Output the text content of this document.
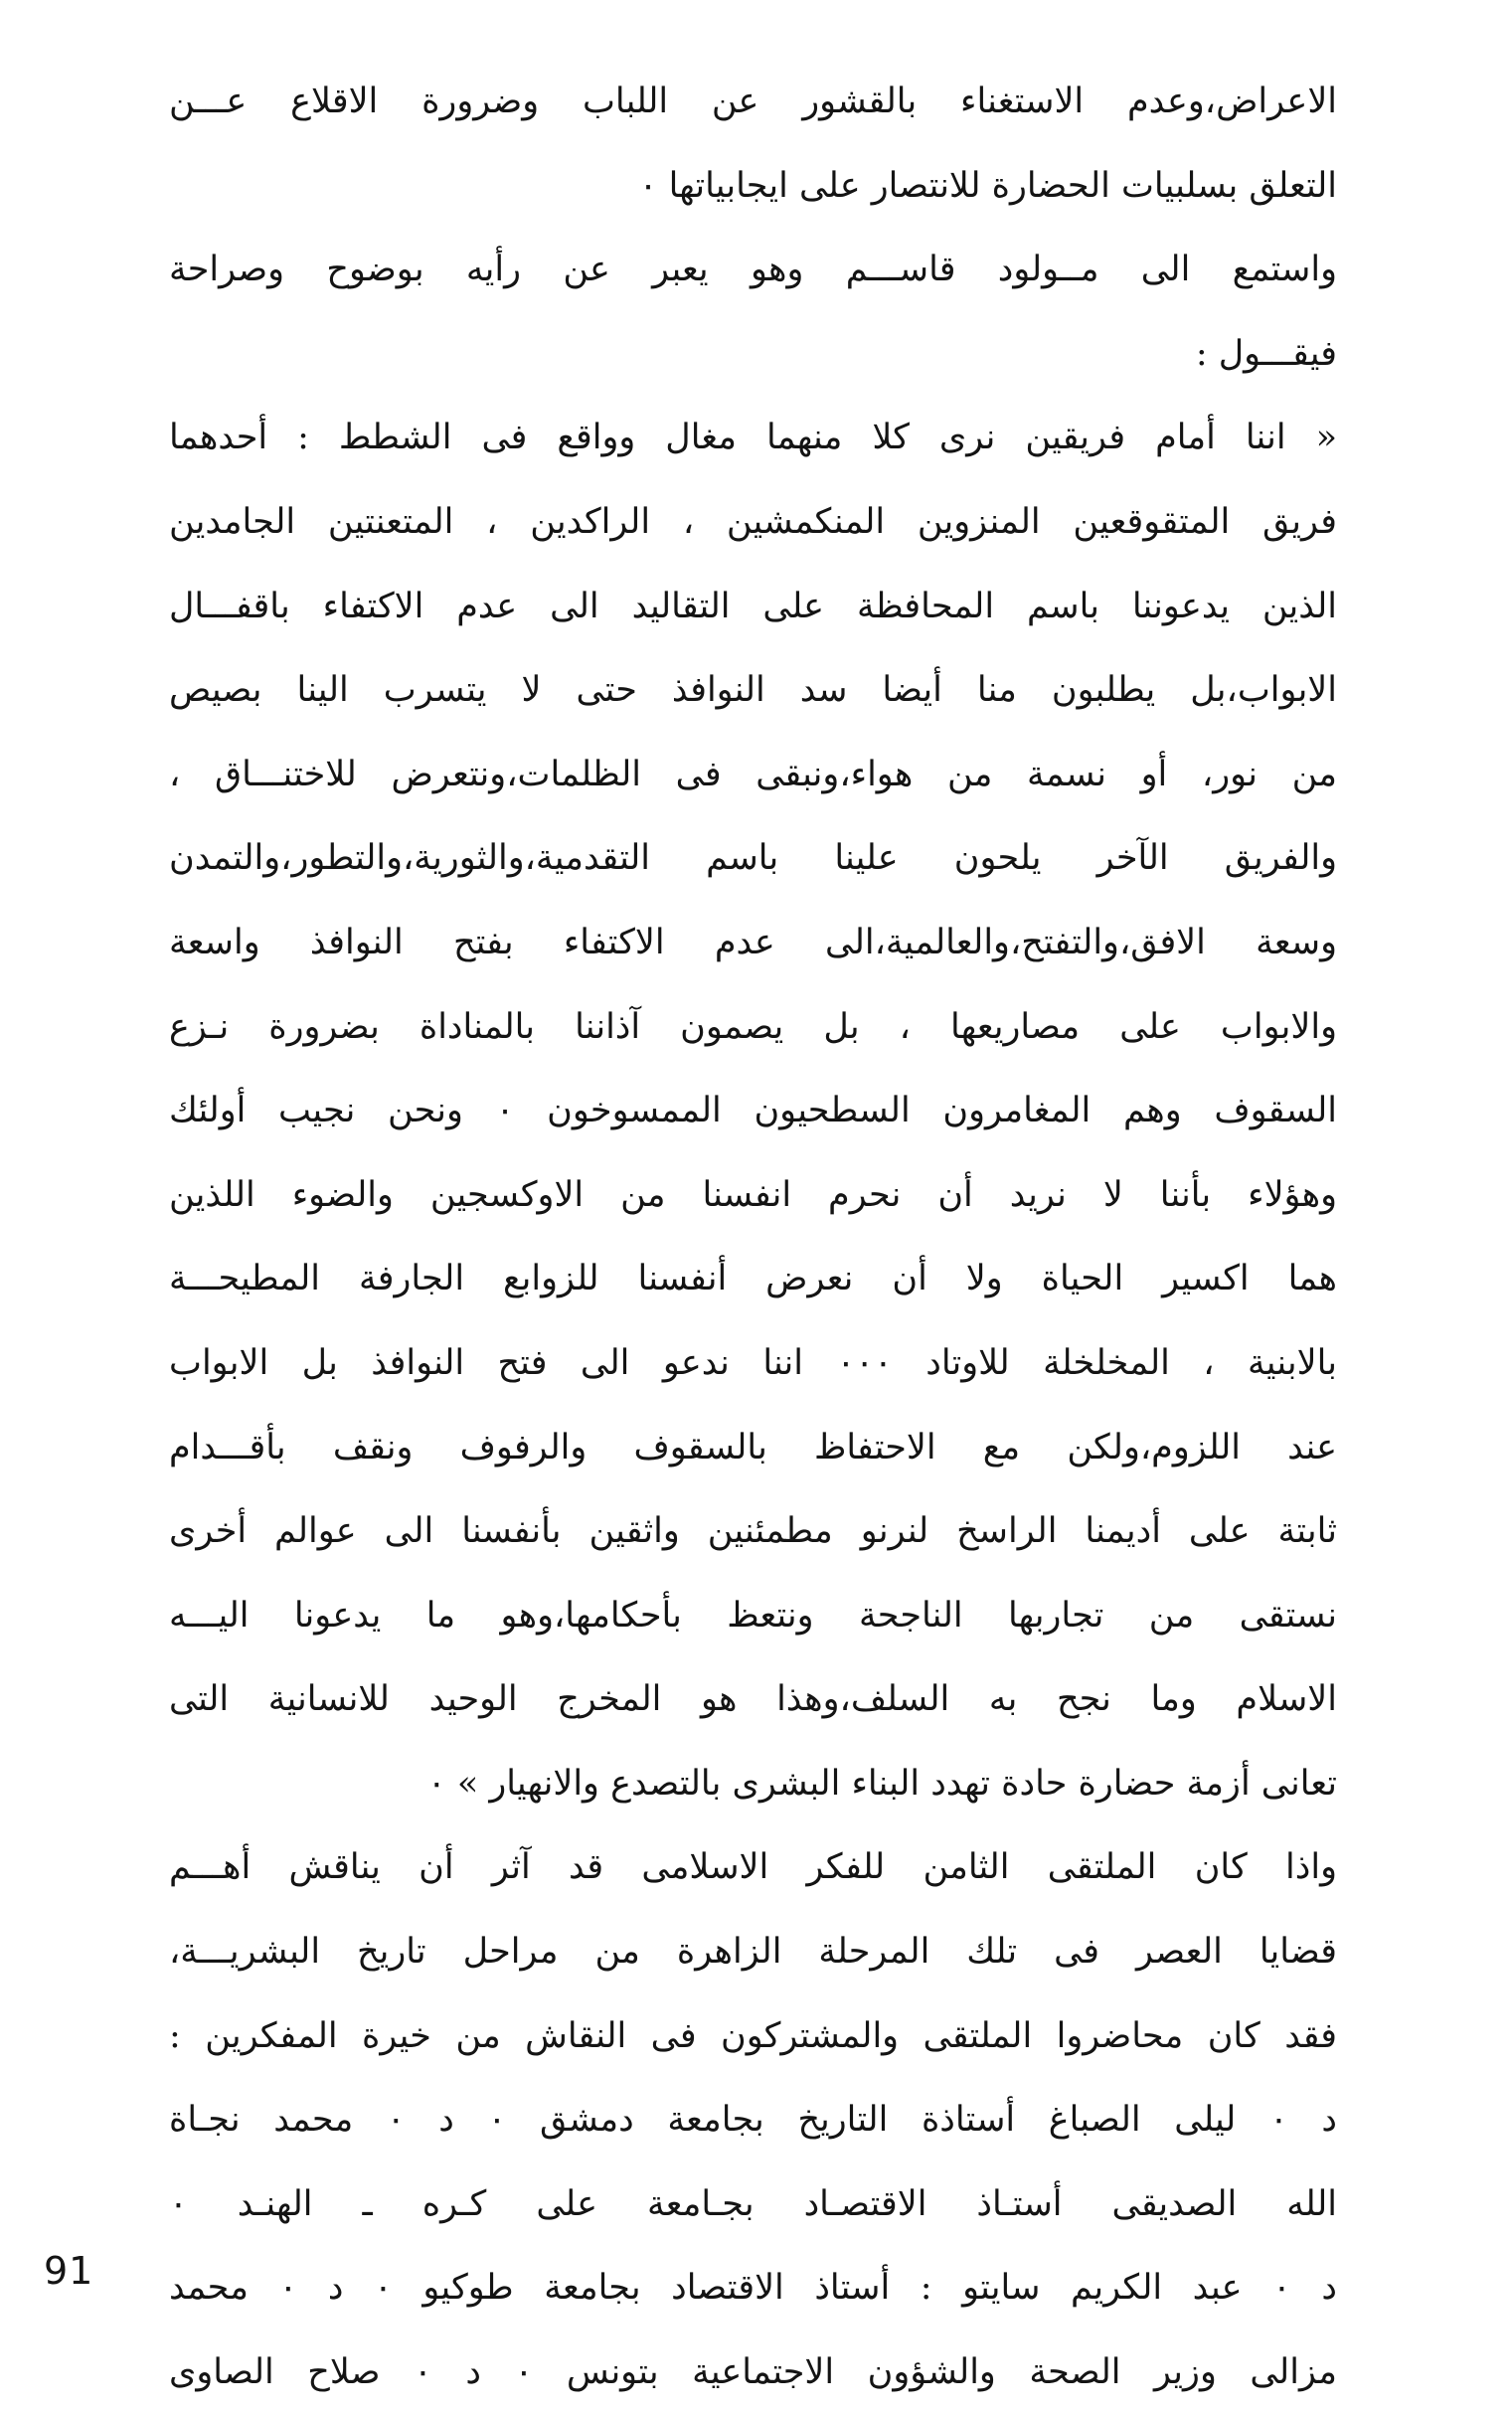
الاعراض،وعدم الاستغناء بالقشور عن اللباب وضرورة الاقلاع عـــن
التعلق بسلبيات الحضارة للانتصار على ايجابياتها ٠
واستمع الى مــولود قاســـم وهو يعبر عن رأيه بوضوح وصراحة
فيقـــول :
« اننا أمام فريقين نرى كلا منهما مغال وواقع فى الشطط : أحدهما
فريق المتقوقعين المنزوين المنكمشين ، الراكدين ، المتعنتين الجامدين
الذين يدعوننا باسم المحافظة على التقاليد الى عدم الاكتفاء باقفـــال
الابواب،بل يطلبون منا أيضا سد النوافذ حتى لا يتسرب الينا بصيص
من نور، أو نسمة من هواء،ونبقى فى الظلمات،ونتعرض للاختنـــاق ،
والفريق الآخر يلحون علينا باسم التقدمية،والثورية،والتطور،والتمدن
وسعة الافق،والتفتح،والعالمية،الى عدم الاكتفاء بفتح النوافذ واسعة
والابواب على مصاريعها ، بل يصمون آذاننا بالمناداة بضرورة نـزع
السقوف وهم المغامرون السطحيون الممسوخون ٠ ونحن نجيب أولئك
وهؤلاء بأننا لا نريد أن نحرم انفسنا من الاوكسجين والضوء اللذين
هما اكسير الحياة ولا أن نعرض أنفسنا للزوابع الجارفة المطيحـــة
بالابنية ، المخلخلة للاوتاد ٠٠٠ اننا ندعو الى فتح النوافذ بل الابواب
عند اللزوم،ولكن مع الاحتفاظ بالسقوف والرفوف ونقف بأقـــدام
ثابتة على أديمنا الراسخ لنرنو مطمئنين واثقين بأنفسنا الى عوالم أخرى
نستقى من تجاربها الناجحة ونتعظ بأحكامها،وهو ما يدعونا اليـــه
الاسلام وما نجح به السلف،وهذا هو المخرج الوحيد للانسانية التى
تعانى أزمة حضارة حادة تهدد البناء البشرى بالتصدع والانهيار » ٠
واذا كان الملتقى الثامن للفكر الاسلامى قد آثر أن يناقش أهـــم
قضايا العصر فى تلك المرحلة الزاهرة من مراحل تاريخ البشريـــة،
فقد كان محاضروا الملتقى والمشتركون فى النقاش من خيرة المفكرين :
د ٠ ليلى الصباغ أستاذة التاريخ بجامعة دمشق ٠ د ٠ محمد نجـاة
الله الصديقى أستـاذ الاقتصـاد بجـامعة على كـره ـ الهنـد ٠
د ٠ عبد الكريم سايتو : أستاذ الاقتصاد بجامعة طوكيو ٠ د ٠ محمد
مزالى وزير الصحة والشؤون الاجتماعية بتونس ٠ د ٠ صلاح الصاوى
91
